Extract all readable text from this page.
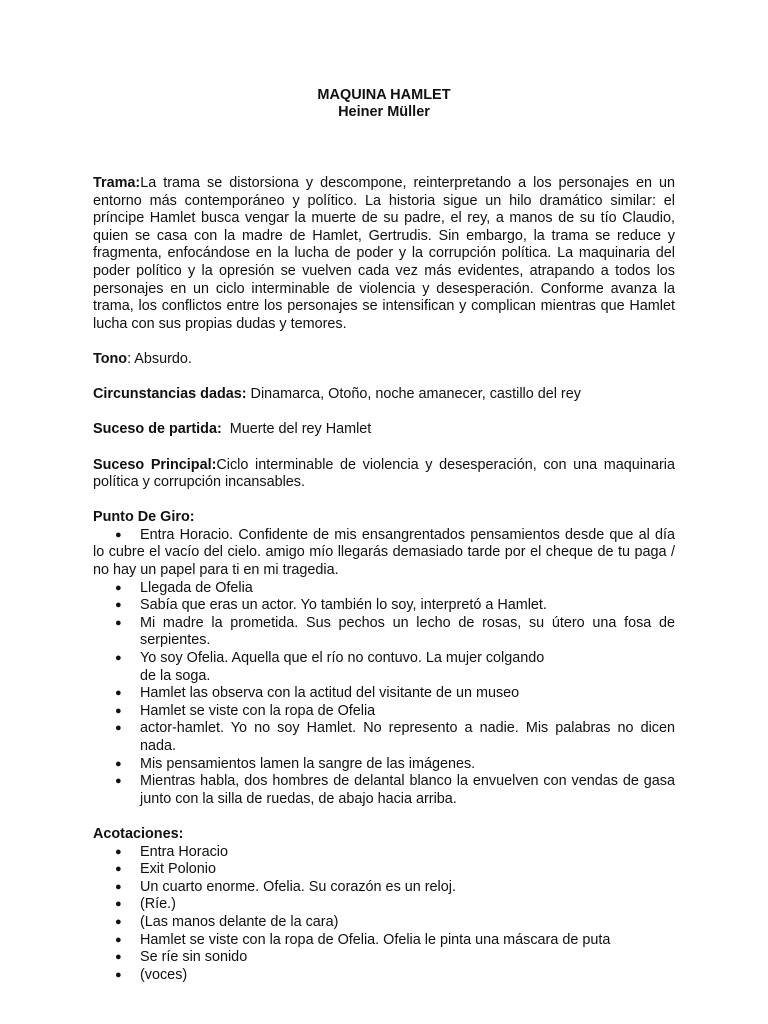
MAQUINA HAMLET
Heiner Müller

Trama:La trama se distorsiona y descompone, reinterpretando a los personajes en un entorno más contemporáneo y político. La historia sigue un hilo dramático similar: el príncipe Hamlet busca vengar la muerte de su padre, el rey, a manos de su tío Claudio, quien se casa con la madre de Hamlet, Gertrudis. Sin embargo, la trama se reduce y fragmenta, enfocándose en la lucha de poder y la corrupción política. La maquinaria del poder político y la opresión se vuelven cada vez más evidentes, atrapando a todos los personajes en un ciclo interminable de violencia y desesperación. Conforme avanza la trama, los conflictos entre los personajes se intensifican y complican mientras que Hamlet lucha con sus propias dudas y temores.

Tono: Absurdo.

Circunstancias dadas: Dinamarca, Otoño, noche amanecer, castillo del rey

Suceso de partida:  Muerte del rey Hamlet

Suceso Principal:Ciclo interminable de violencia y desesperación, con una maquinaria política y corrupción incansables.

Punto De Giro:
● Entra Horacio. Confidente de mis ensangrentados pensamientos desde que al día lo cubre el vacío del cielo. amigo mío llegarás demasiado tarde por el cheque de tu paga / no hay un papel para ti en mi tragedia.
● Llegada de Ofelia
● Sabía que eras un actor. Yo también lo soy, interpretó a Hamlet.
● Mi madre la prometida. Sus pechos un lecho de rosas, su útero una fosa de serpientes.
● Yo soy Ofelia. Aquella que el río no contuvo. La mujer colgando
de la soga.
● Hamlet las observa con la actitud del visitante de un museo
● Hamlet se viste con la ropa de Ofelia
● actor-hamlet. Yo no soy Hamlet. No represento a nadie. Mis palabras no dicen nada.
● Mis pensamientos lamen la sangre de las imágenes.
● Mientras habla, dos hombres de delantal blanco la envuelven con vendas de gasa junto con la silla de ruedas, de abajo hacia arriba.
Acotaciones:
● Entra Horacio
● Exit Polonio
● Un cuarto enorme. Ofelia. Su corazón es un reloj.
● (Ríe.)
● (Las manos delante de la cara)
● Hamlet se viste con la ropa de Ofelia. Ofelia le pinta una máscara de puta
● Se ríe sin sonido
● (voces)
